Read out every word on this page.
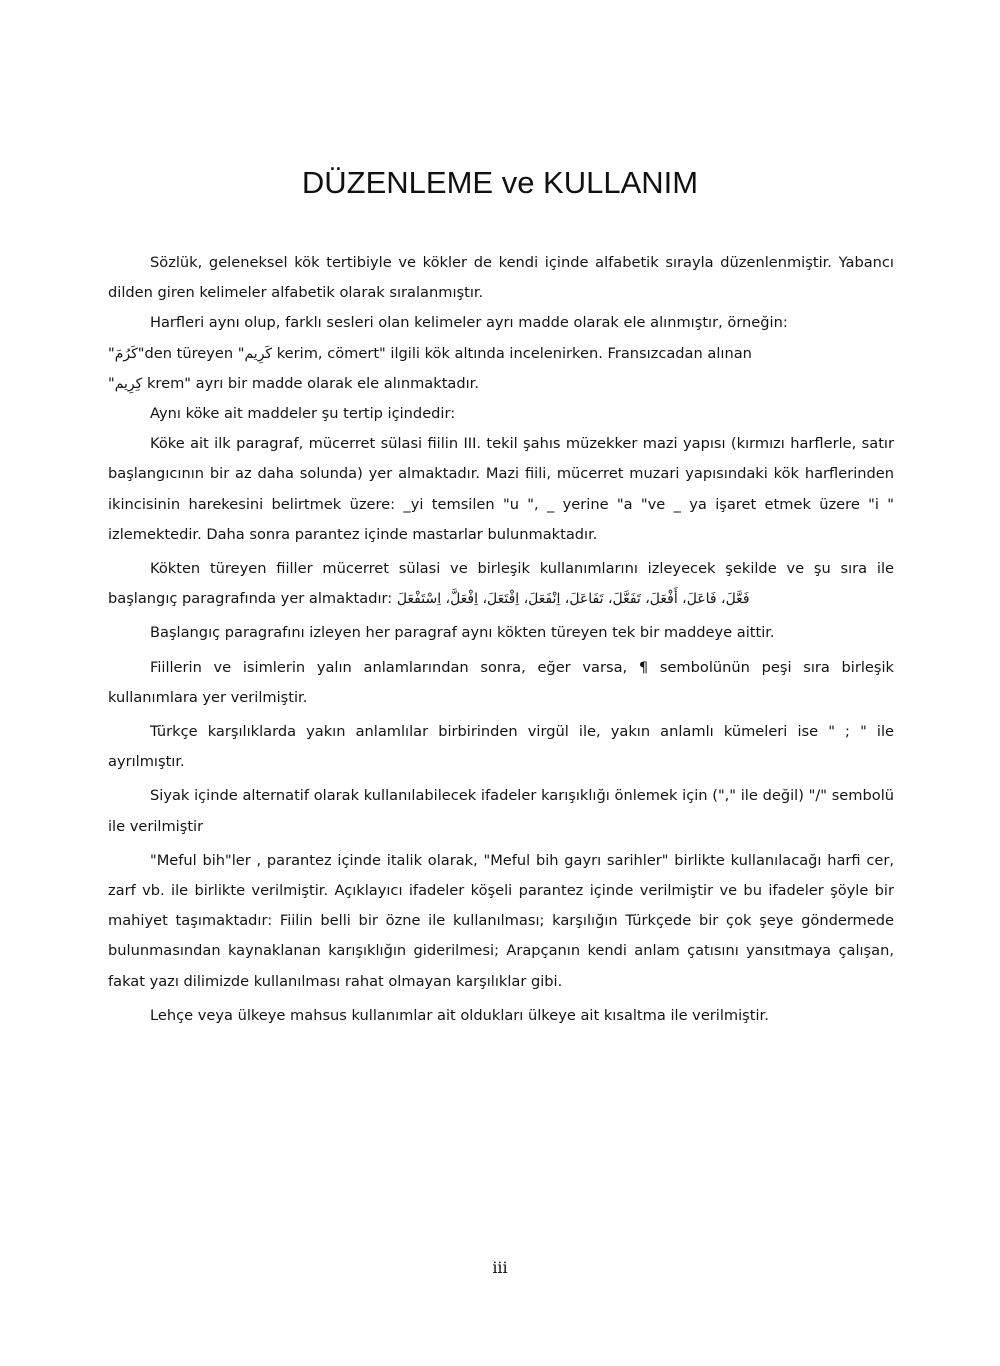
DÜZENLEME ve KULLANIM

Sözlük, geleneksel kök tertibiyle ve kökler de kendi içinde alfabetik sırayla düzenlenmiştir. Yabancı dilden giren kelimeler alfabetik olarak sıralanmıştır.

Harfleri aynı olup, farklı sesleri olan kelimeler ayrı madde olarak ele alınmıştır, örneğin:

"كَرُمَ"den türeyen "كَرِيم kerim, cömert" ilgili kök altında incelenirken. Fransızcadan alınan

"كِرِيم krem" ayrı bir madde olarak ele alınmaktadır.

Aynı köke ait maddeler şu tertip içindedir:

Köke ait ilk paragraf, mücerret sülasi fiilin III. tekil şahıs müzekker mazi yapısı (kırmızı harflerle, satır başlangıcının bir az daha solunda) yer almaktadır. Mazi fiili, mücerret muzari yapısındaki kök harflerinden ikincisinin harekesini belirtmek üzere: _yi temsilen "u ", _ yerine "a "ve _ ya işaret etmek üzere "i " izlemektedir. Daha sonra parantez içinde mastarlar bulunmaktadır.

Kökten türeyen fiiller mücerret sülasi ve birleşik kullanımlarını izleyecek şekilde ve şu sıra ile başlangıç paragrafında yer almaktadır: فَعَّلَ، فَاعَلَ، أَفْعَلَ، تَفَعَّلَ، تَفَاعَلَ، اِنْفَعَلَ، اِفْتَعَلَ، اِفْعَلَّ، اِسْتَفْعَلَ

Başlangıç paragrafını izleyen her paragraf aynı kökten türeyen tek bir maddeye aittir.

Fiillerin ve isimlerin yalın anlamlarından sonra, eğer varsa, ¶ sembolünün peşi sıra birleşik kullanımlara yer verilmiştir.

Türkçe karşılıklarda yakın anlamlılar birbirinden virgül ile, yakın anlamlı kümeleri ise " ; " ile ayrılmıştır.

Siyak içinde alternatif olarak kullanılabilecek ifadeler karışıklığı önlemek için ("," ile değil) "/" sembolü ile verilmiştir

"Meful bih"ler , parantez içinde italik olarak, "Meful bih gayrı sarihler" birlikte kullanılacağı harfi cer, zarf vb. ile birlikte verilmiştir. Açıklayıcı ifadeler köşeli parantez içinde verilmiştir ve bu ifadeler şöyle bir mahiyet taşımaktadır: Fiilin belli bir özne ile kullanılması; karşılığın Türkçede bir çok şeye göndermede bulunmasından kaynaklanan karışıklığın giderilmesi; Arapçanın kendi anlam çatısını yansıtmaya çalışan, fakat yazı dilimizde kullanılması rahat olmayan karşılıklar gibi.

Lehçe veya ülkeye mahsus kullanımlar ait oldukları ülkeye ait kısaltma ile verilmiştir.

iii
